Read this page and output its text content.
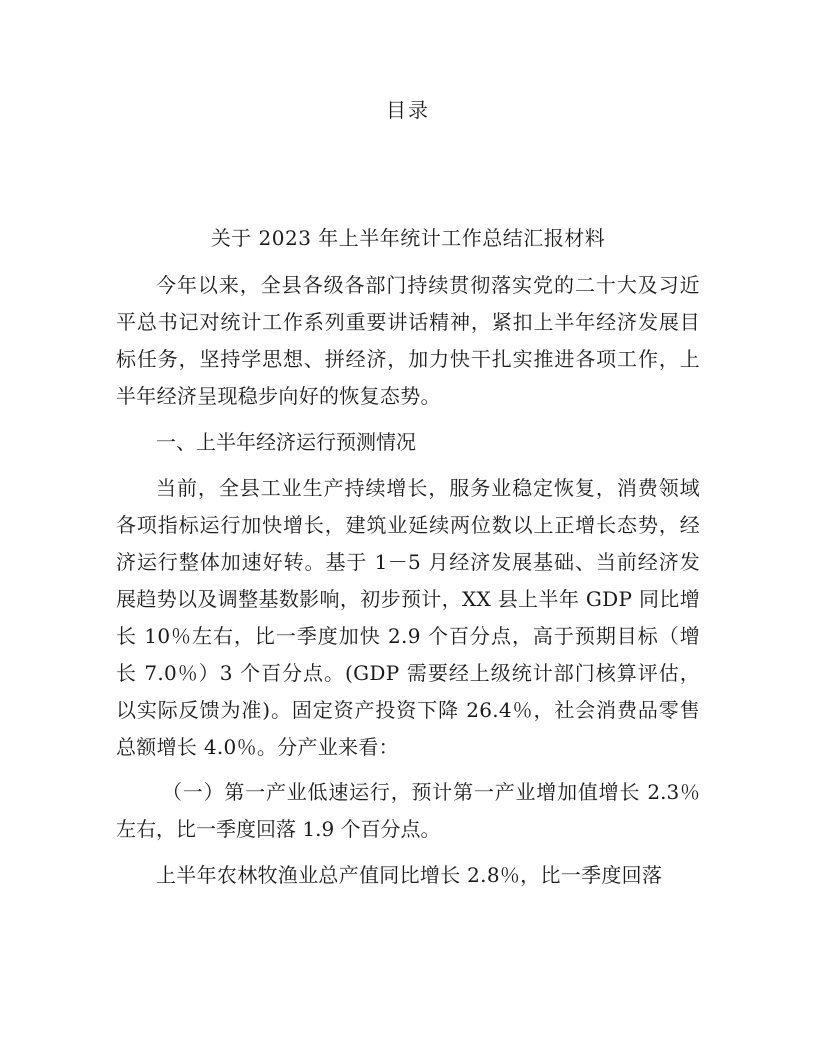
目录
关于 2023 年上半年统计工作总结汇报材料

今年以来，全县各级各部门持续贯彻落实党的二十大及习近平总书记对统计工作系列重要讲话精神，紧扣上半年经济发展目标任务，坚持学思想、拼经济，加力快干扎实推进各项工作，上半年经济呈现稳步向好的恢复态势。

一、上半年经济运行预测情况

当前，全县工业生产持续增长，服务业稳定恢复，消费领域各项指标运行加快增长，建筑业延续两位数以上正增长态势，经济运行整体加速好转。基于 1－5 月经济发展基础、当前经济发展趋势以及调整基数影响，初步预计，XX 县上半年 GDP 同比增长 10％左右，比一季度加快 2.9 个百分点，高于预期目标（增长 7.0％）3 个百分点。(GDP 需要经上级统计部门核算评估，以实际反馈为准)。固定资产投资下降 26.4％，社会消费品零售总额增长 4.0％。分产业来看：

（一）第一产业低速运行，预计第一产业增加值增长 2.3％左右，比一季度回落 1.9 个百分点。

上半年农林牧渔业总产值同比增长 2.8％，比一季度回落
